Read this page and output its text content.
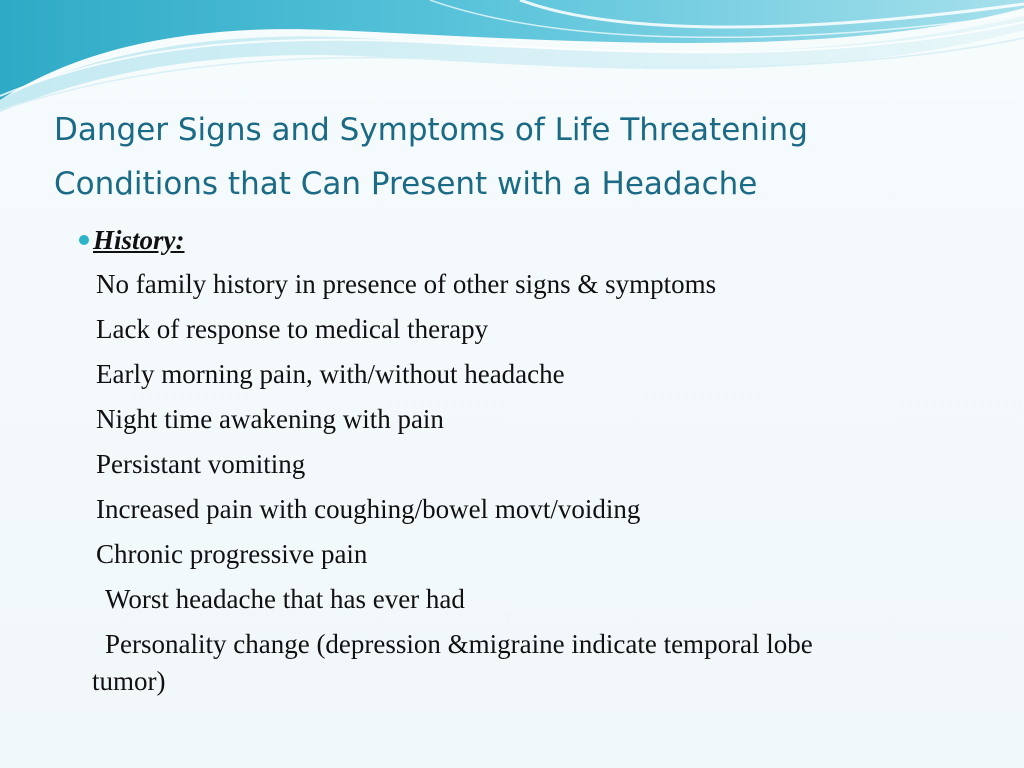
Danger Signs and Symptoms of Life Threatening
Conditions that Can Present with a Headache
History:
No family history in presence of other signs & symptoms
Lack of response to medical therapy
Early morning pain, with/without headache
Night time awakening with pain
Persistant vomiting
Increased pain with coughing/bowel movt/voiding
Chronic progressive pain
Worst headache that has ever had
Personality change (depression &migraine indicate temporal lobe tumor)
